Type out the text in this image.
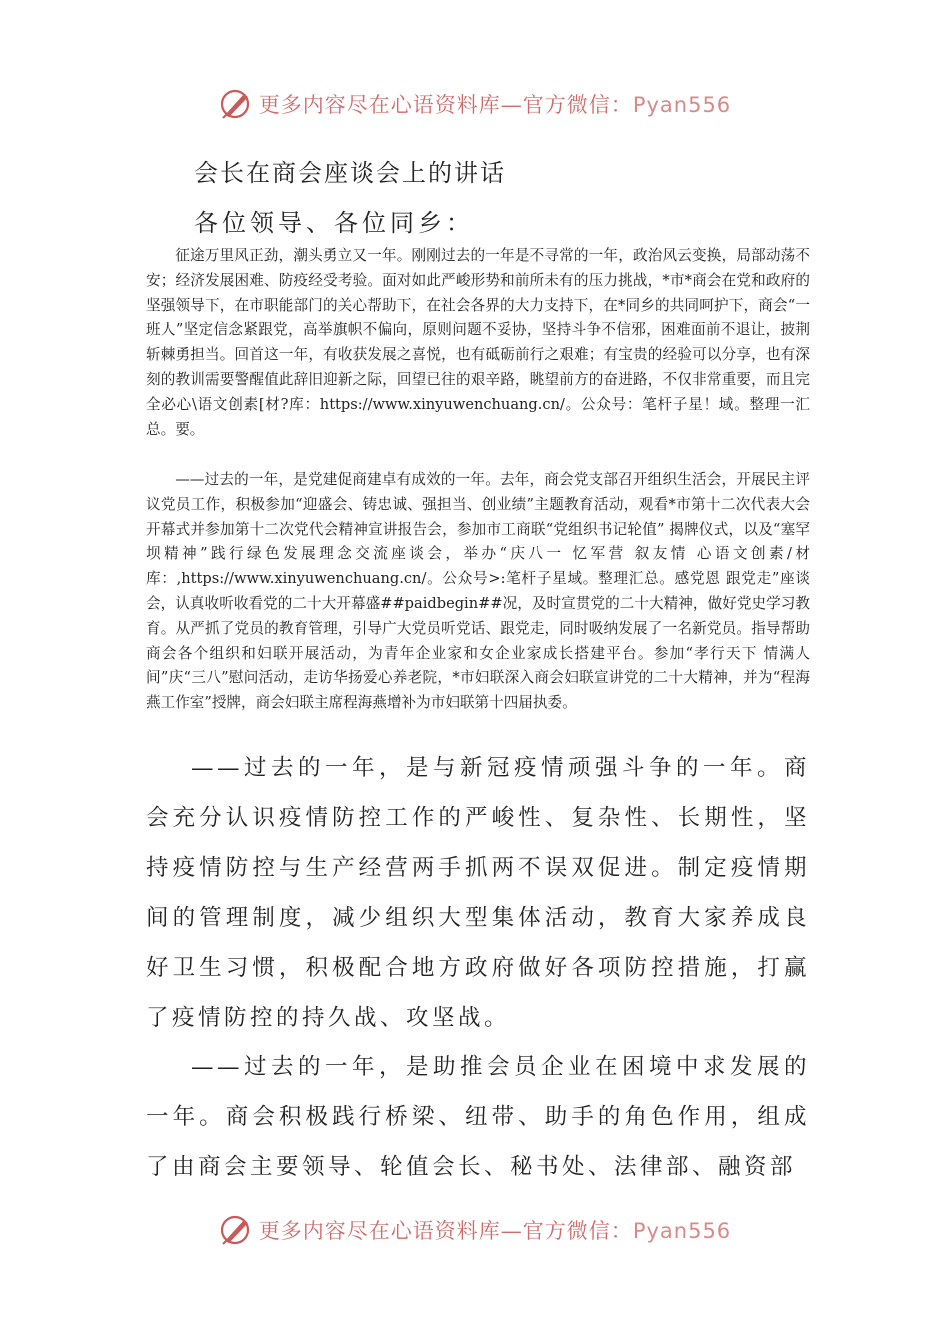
更多内容尽在心语资料库—官方微信：Pyan556
会长在商会座谈会上的讲话

各位领导、各位同乡：

征途万里风正劲，潮头勇立又一年。刚刚过去的一年是不寻常的一年，政治风云变换，局部动荡不安；经济发展困难、防疫经受考验。面对如此严峻形势和前所未有的压力挑战，*市*商会在党和政府的坚强领导下，在市职能部门的关心帮助下，在社会各界的大力支持下，在*同乡的共同呵护下，商会“一班人”坚定信念紧跟党，高举旗帜不偏向，原则问题不妥协，坚持斗争不信邪，困难面前不退让，披荆斩棘勇担当。回首这一年，有收获发展之喜悦，也有砥砺前行之艰难；有宝贵的经验可以分享，也有深刻的教训需要警醒值此辞旧迎新之际，回望已往的艰辛路，眺望前方的奋进路，不仅非常重要，而且完全必心\语文创素[材?库：https://www.xinyuwenchuang.cn/。公众号：笔杆子星！域。整理一汇总。要。

——过去的一年，是党建促商建卓有成效的一年。去年，商会党支部召开组织生活会，开展民主评议党员工作，积极参加“迎盛会、铸忠诚、强担当、创业绩”主题教育活动，观看*市第十二次代表大会开幕式并参加第十二次党代会精神宣讲报告会，参加市工商联“党组织书记轮值” 揭牌仪式，以及“塞罕坝精神”践行绿色发展理念交流座谈会，举办“庆八一 忆军营 叙友情 心语文创素/材库：,https://www.xinyuwenchuang.cn/。公众号>:笔杆子星域。整理汇总。感党恩 跟党走”座谈会，认真收听收看党的二十大开幕盛##paidbegin##况，及时宣贯党的二十大精神，做好党史学习教育。从严抓了党员的教育管理，引导广大党员听党话、跟党走，同时吸纳发展了一名新党员。指导帮助商会各个组织和妇联开展活动，为青年企业家和女企业家成长搭建平台。参加“孝行天下 情满人间”庆“三八”慰问活动，走访华扬爱心养老院，*市妇联深入商会妇联宣讲党的二十大精神，并为“程海燕工作室”授牌，商会妇联主席程海燕增补为市妇联第十四届执委。

——过去的一年，是与新冠疫情顽强斗争的一年。商会充分认识疫情防控工作的严峻性、复杂性、长期性，坚持疫情防控与生产经营两手抓两不误双促进。制定疫情期间的管理制度，减少组织大型集体活动，教育大家养成良好卫生习惯，积极配合地方政府做好各项防控措施，打赢了疫情防控的持久战、攻坚战。

——过去的一年，是助推会员企业在困境中求发展的一年。商会积极践行桥梁、纽带、助手的角色作用，组成了由商会主要领导、轮值会长、秘书处、法律部、融资部

更多内容尽在心语资料库—官方微信：Pyan556
